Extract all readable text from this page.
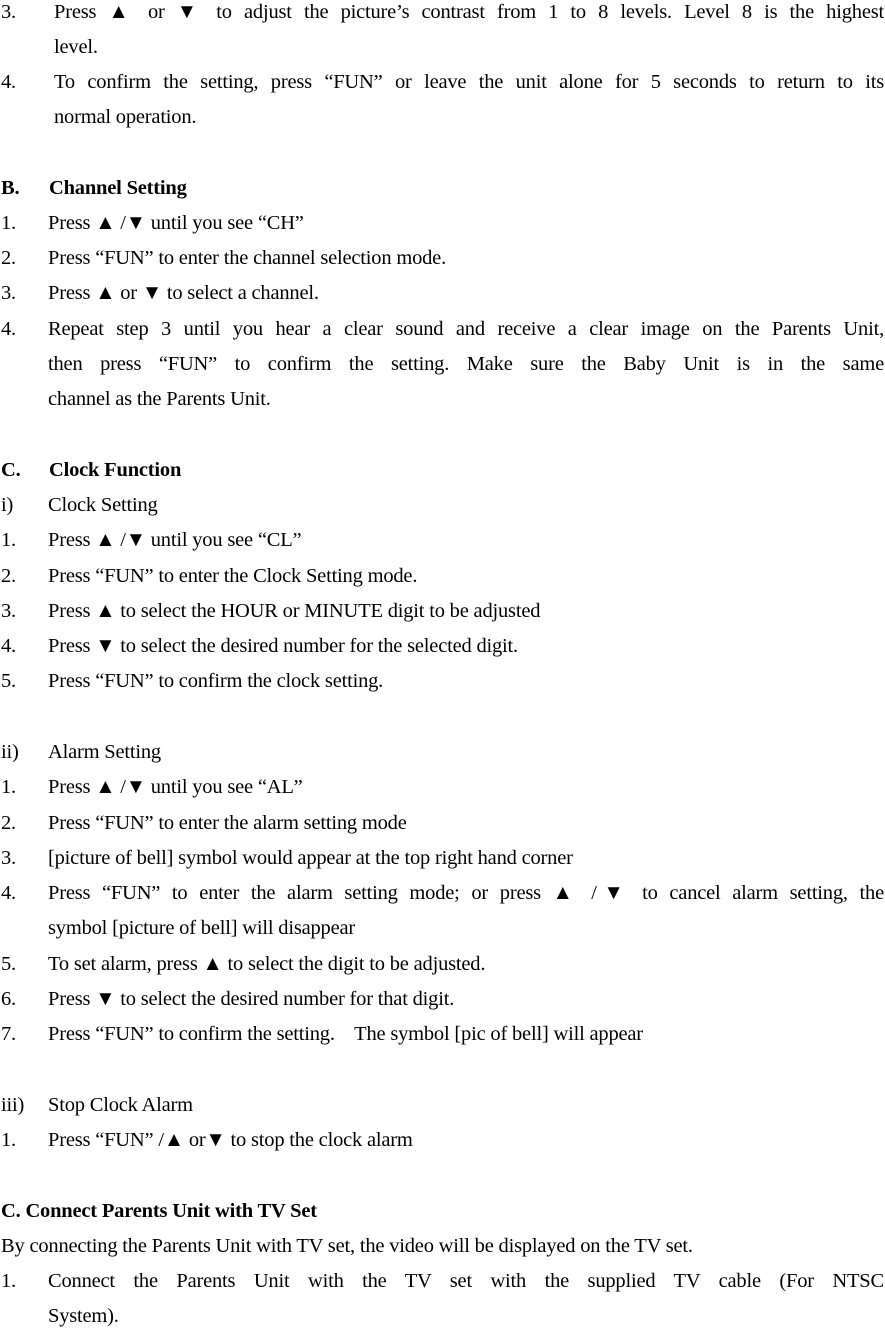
3. Press ▲ or ▼ to adjust the picture’s contrast from 1 to 8 levels. Level 8 is the highest
level.
4. To confirm the setting, press “FUN” or leave the unit alone for 5 seconds to return to its
normal operation.
B. Channel Setting
1. Press ▲ /▼ until you see “CH”
2. Press “FUN” to enter the channel selection mode.
3. Press ▲ or ▼ to select a channel.
4. Repeat step 3 until you hear a clear sound and receive a clear image on the Parents Unit,
then press “FUN” to confirm the setting. Make sure the Baby Unit is in the same
channel as the Parents Unit.
C. Clock Function
i) Clock Setting
1. Press ▲ /▼ until you see “CL”
2. Press “FUN” to enter the Clock Setting mode.
3. Press ▲ to select the HOUR or MINUTE digit to be adjusted
4. Press ▼ to select the desired number for the selected digit.
5. Press “FUN” to confirm the clock setting.
ii) Alarm Setting
1. Press ▲ /▼ until you see “AL”
2. Press “FUN” to enter the alarm setting mode
3. [picture of bell] symbol would appear at the top right hand corner
4. Press “FUN” to enter the alarm setting mode; or press ▲ /▼ to cancel alarm setting, the
symbol [picture of bell] will disappear
5. To set alarm, press ▲ to select the digit to be adjusted.
6. Press ▼ to select the desired number for that digit.
7. Press “FUN” to confirm the setting.    The symbol [pic of bell] will appear
iii) Stop Clock Alarm
1. Press “FUN” /▲ or▼ to stop the clock alarm
C. Connect Parents Unit with TV Set
By connecting the Parents Unit with TV set, the video will be displayed on the TV set.
1. Connect the Parents Unit with the TV set with the supplied TV cable (For NTSC
System).
